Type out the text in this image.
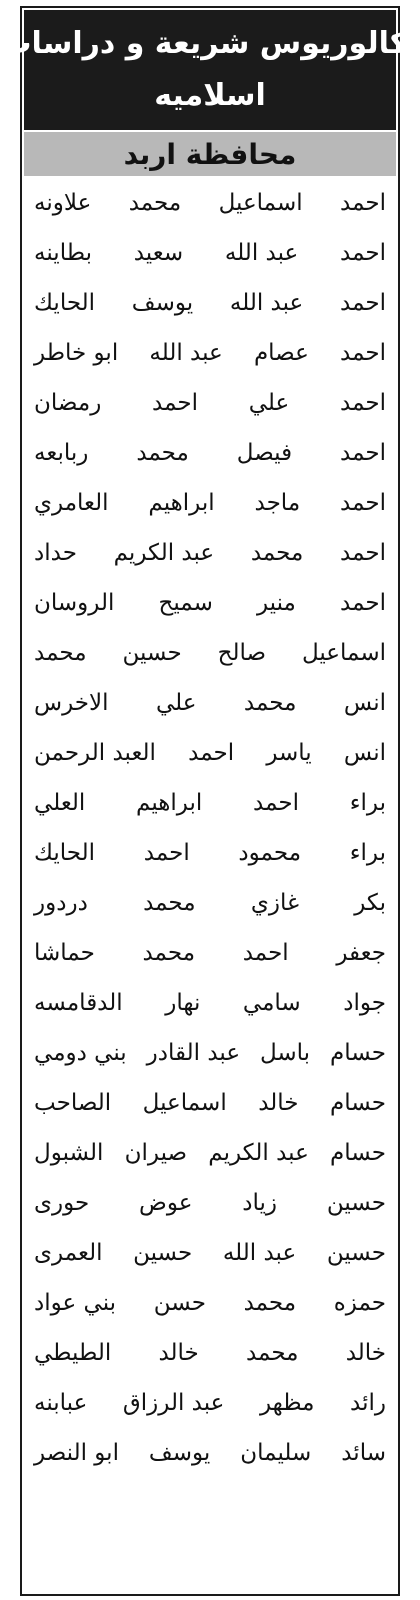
بكالوريوس شريعة و دراسات
اسلاميه
محافظة اربد
احمد
اسماعيل
محمد
علاونه
احمد
عبد الله
سعيد
بطاينه
احمد
عبد الله
يوسف
الحايك
احمد
عصام
عبد الله
ابو خاطر
احمد
علي
احمد
رمضان
احمد
فيصل
محمد
ربابعه
احمد
ماجد
ابراهيم
العامري
احمد
محمد
عبد الكريم
حداد
احمد
منير
سميح
الروسان
اسماعيل
صالح
حسين
محمد
انس
محمد
علي
الاخرس
انس
ياسر
احمد
العبد الرحمن
براء
احمد
ابراهيم
العلي
براء
محمود
احمد
الحايك
بكر
غازي
محمد
دردور
جعفر
احمد
محمد
حماشا
جواد
سامي
نهار
الدقامسه
حسام
باسل
عبد القادر
بني دومي
حسام
خالد
اسماعيل
الصاحب
حسام
عبد الكريم
صيران
الشبول
حسين
زياد
عوض
حورى
حسين
عبد الله
حسين
العمرى
حمزه
محمد
حسن
بني عواد
خالد
محمد
خالد
الطيطي
رائد
مظهر
عبد الرزاق
عبابنه
سائد
سليمان
يوسف
ابو النصر
